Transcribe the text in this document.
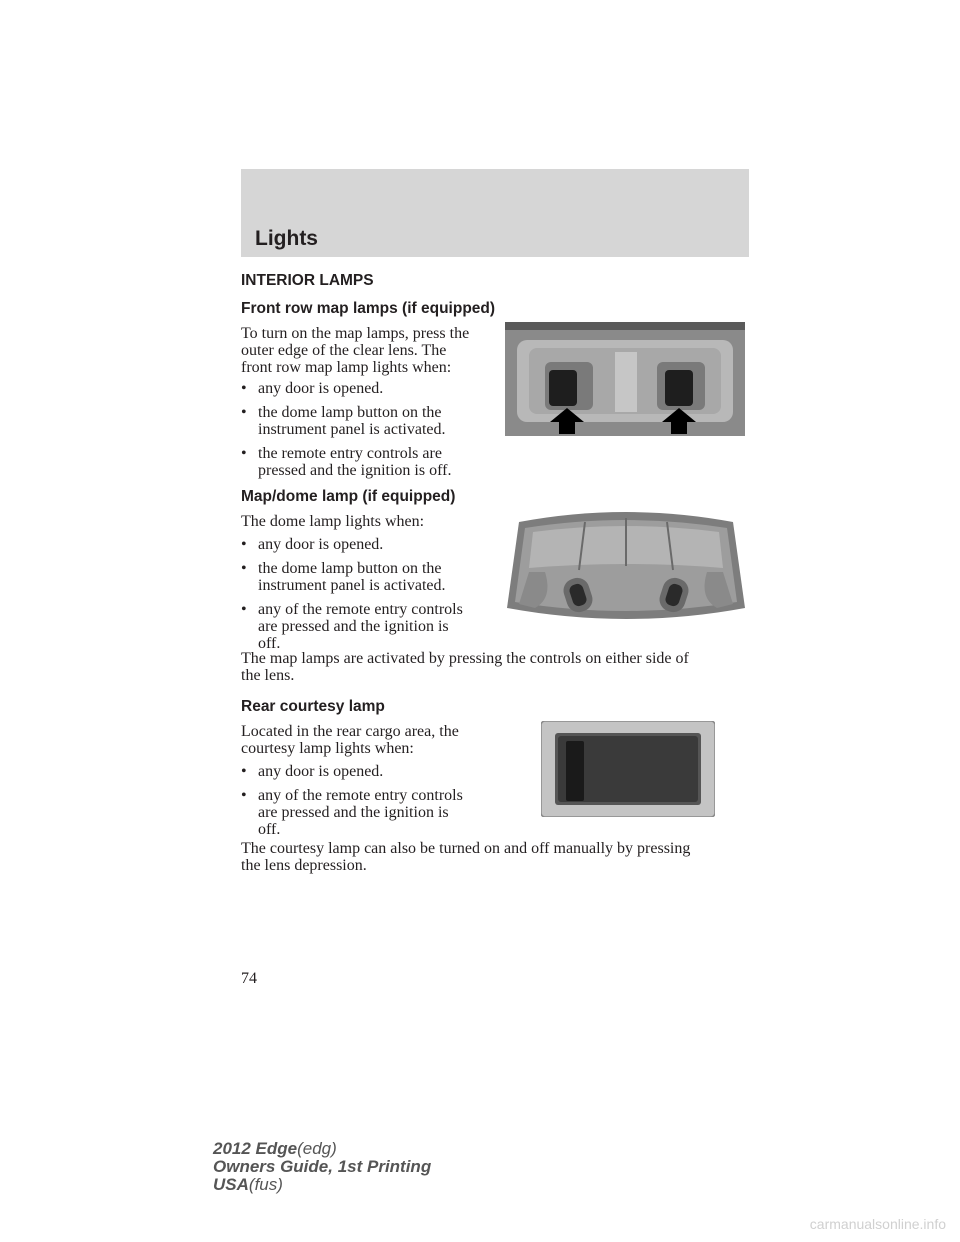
Lights
INTERIOR LAMPS
Front row map lamps (if equipped)
To turn on the map lamps, press the
outer edge of the clear lens. The
front row map lamp lights when:
• any door is opened.
• the dome lamp button on the
instrument panel is activated.
• the remote entry controls are
pressed and the ignition is off.
Map/dome lamp (if equipped)
The dome lamp lights when:
• any door is opened.
• the dome lamp button on the
instrument panel is activated.
• any of the remote entry controls
are pressed and the ignition is
off.
The map lamps are activated by pressing the controls on either side of
the lens.
Rear courtesy lamp
Located in the rear cargo area, the
courtesy lamp lights when:
• any door is opened.
• any of the remote entry controls
are pressed and the ignition is
off.
The courtesy lamp can also be turned on and off manually by pressing
the lens depression.
74
2012 Edge(edg)
Owners Guide, 1st Printing
USA(fus)
carmanualsonline.info
